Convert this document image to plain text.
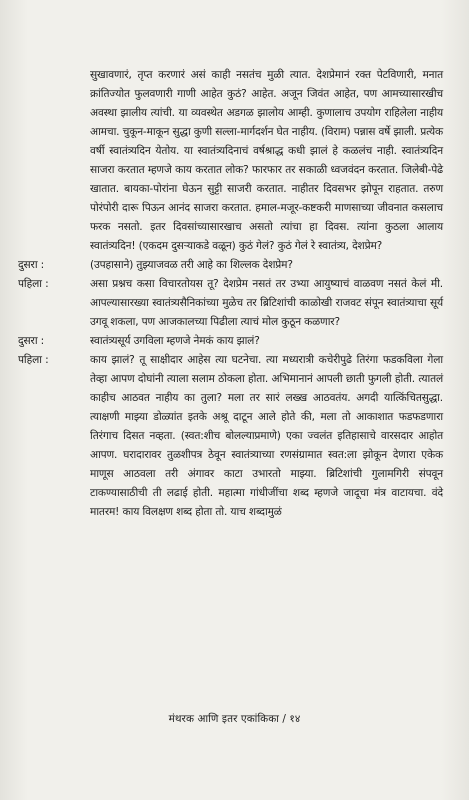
सुखावणारं, तृप्त करणारं असं काही नसतंच मुळी त्यात. देशप्रेमानं रक्त पेटविणारी, मनात क्रांतिज्योत फुलवणारी गाणी आहेत कुठं? आहेत. अजून जिवंत आहेत, पण आमच्यासारखीच अवस्था झालीय त्यांची. या व्यवस्थेत अडगळ झालोय आम्ही. कुणालाच उपयोग राहिलेला नाहीय आमचा. चुकून-माकून सुद्धा कुणी सल्ला-मार्गदर्शन घेत नाहीय. (विराम) पन्नास वर्षे झाली. प्रत्येक वर्षी स्वातंत्र्यदिन येतोय. या स्वातंत्र्यदिनाचं वर्षश्राद्ध कधी झालं हे कळलंच नाही. स्वातंत्र्यदिन साजरा करतात म्हणजे काय करतात लोक? फारफार तर सकाळी ध्वजवंदन करतात. जिलेबी-पेढे खातात. बायका-पोरांना घेऊन सुट्टी साजरी करतात. नाहीतर दिवसभर झोपून राहतात. तरुण पोरंपोरी दारू पिऊन आनंद साजरा करतात. हमाल-मजूर-कष्टकरी माणसाच्या जीवनात कसलाच फरक नसतो. इतर दिवसांच्यासारखाच असतो त्यांचा हा दिवस. त्यांना कुठला आलाय स्वातंत्र्यदिन! (एकदम दुसऱ्याकडे वळून) कुठं गेलं? कुठं गेलं रे स्वातंत्र्य, देशप्रेम?
दुसरा :	(उपहासाने) तुझ्याजवळ तरी आहे का शिल्लक देशप्रेम?
पहिला :	असा प्रश्नच कसा विचारतोयस तू? देशप्रेम नसतं तर उभ्या आयुष्याचं वाळवण नसतं केलं मी. आपल्यासारख्या स्वातंत्र्यसैनिकांच्या मुळेच तर ब्रिटिशांची काळोखी राजवट संपून स्वातंत्र्याचा सूर्य उगवू शकला, पण आजकालच्या पिढीला त्याचं मोल कुठून कळणार?
दुसरा :	स्वातंत्र्यसूर्य उगविला म्हणजे नेमकं काय झालं?
पहिला :	काय झालं? तू साक्षीदार आहेस त्या घटनेचा. त्या मध्यरात्री कचेरीपुढे तिरंगा फडकविला गेला तेव्हा आपण दोघांनी त्याला सलाम ठोकला होता. अभिमानानं आपली छाती फुगली होती. त्यातलं काहीच आठवत नाहीय का तुला? मला तर सारं लख्ख आठवतंय. अगदी यात्किंचितसुद्धा. त्याक्षणी माझ्या डोळ्यांत इतके अश्रू दाटून आले होते की, मला तो आकाशात फडफडणारा तिरंगाच दिसत नव्हता. (स्वत:शीच बोलल्याप्रमाणे) एका ज्वलंत इतिहासाचे वारसदार आहोत आपण. घरादारावर तुळशीपत्र ठेवून स्वातंत्र्याच्या रणसंग्रामात स्वत:ला झोकून देणारा एकेक माणूस आठवला तरी अंगावर काटा उभारतो माझ्या. ब्रिटिशांची गुलामगिरी संपवून टाकण्यासाठीची ती लढाई होती. महात्मा गांधीजींचा शब्द म्हणजे जादूचा मंत्र वाटायचा. वंदे मातरम! काय विलक्षण शब्द होता तो. याच शब्दामुळं
मंथरक आणि इतर एकांकिका / १४
